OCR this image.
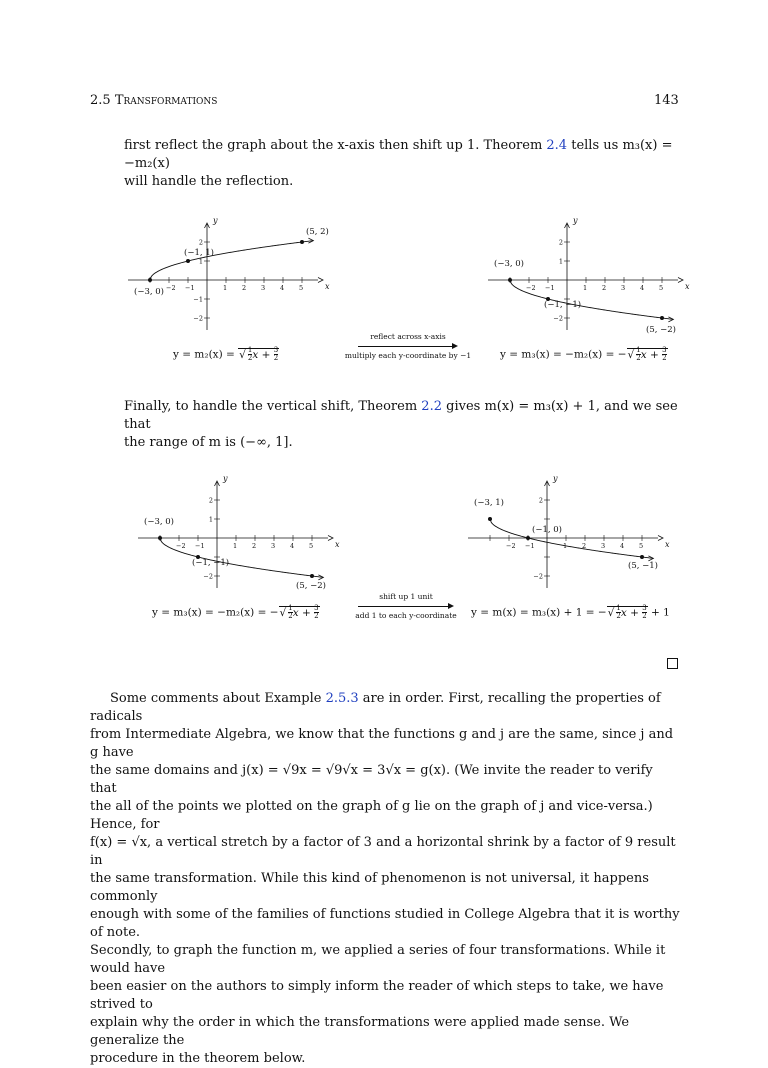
2.5 Transformations	143
first reflect the graph about the x-axis then shift up 1. Theorem 2.4 tells us m₃(x) = −m₂(x)
will handle the reflection.
x
y
−2 −1	1 2 3 4 5
2
1
−1
−2
(−3, 0)
(−1, 1)
(5, 2)
x
y
−2 −1	1 2 3 4 5
2
1
−2
(−3, 0)
(−1, −1)
(5, −2)
x
y
−2 −1	1 2 3 4 5
2
1
−2
(−3, 0)
(−1, −1)
(5, −2)
x
y
−2 −1	1 2 3 4 5
2
−2
(−3, 1)
(−1, 0)
(5, −1)
y = m₂(x) = √ $\frac{1}{2}$ $x + \frac{3}{2}$
reflect across x-axis
multiply each y-coordinate by −1	y = m₃(x) = −m₂(x) = −√ $\frac{1}{2}$ $x + \frac{3}{2}$
Finally, to handle the vertical shift, Theorem 2.2 gives m(x) = m₃(x) + 1, and we see that
the range of m is (−∞, 1].
y = m₃(x) = −m₂(x) = −√ $\frac{1}{2}$ $x + \frac{3}{2}$
shift up 1 unit
add 1 to each y-coordinate	y = m(x) = m₃(x) + 1 = −√ $\frac{1}{2}$ $x + \frac{3}{2} + 1$
Some comments about Example 2.5.3 are in order. First, recalling the properties of radicals
from Intermediate Algebra, we know that the functions g and j are the same, since j and g have
the same domains and j(x) = √9x = √9√x = 3√x = g(x). (We invite the reader to verify that
the all of the points we plotted on the graph of g lie on the graph of j and vice-versa.) Hence, for
f(x) = √x, a vertical stretch by a factor of 3 and a horizontal shrink by a factor of 9 result in
the same transformation. While this kind of phenomenon is not universal, it happens commonly
enough with some of the families of functions studied in College Algebra that it is worthy of note.
Secondly, to graph the function m, we applied a series of four transformations. While it would have
been easier on the authors to simply inform the reader of which steps to take, we have strived to
explain why the order in which the transformations were applied made sense. We generalize the
procedure in the theorem below.
